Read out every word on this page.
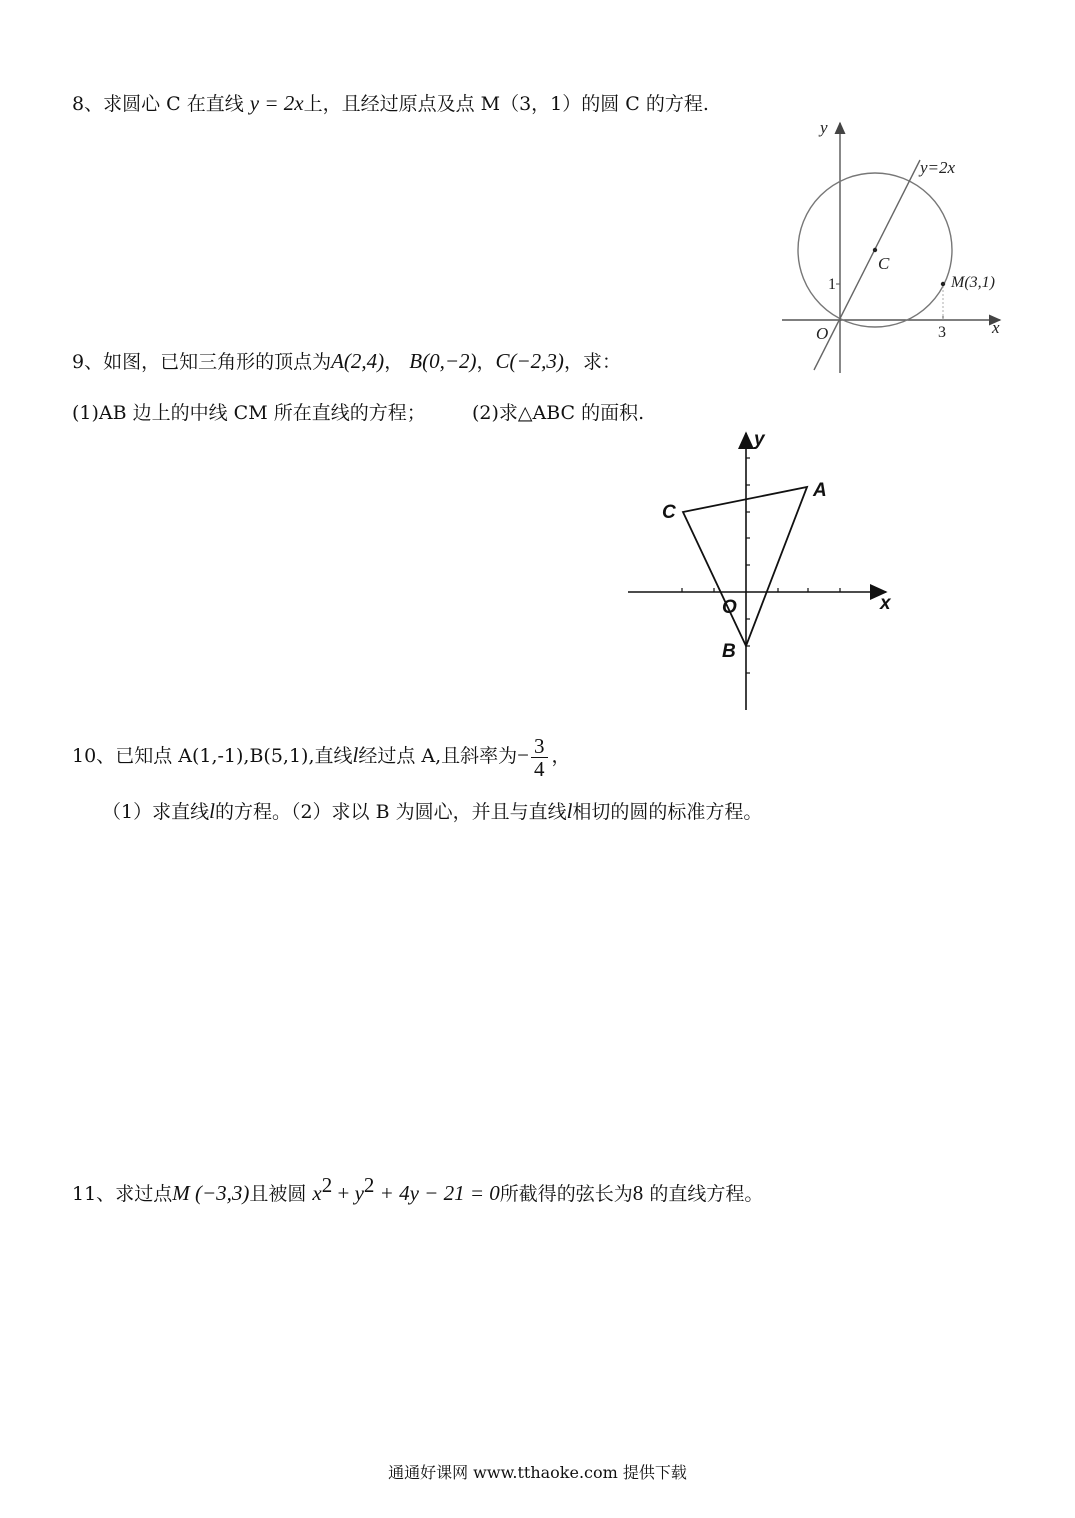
8、求圆心 C 在直线 y = 2x上，且经过原点及点 M（3，1）的圆 C 的方程.
y
x
y=2x
C
M(3,1)
1
3
O
9、如图，已知三角形的顶点为A(2,4)， B(0,−2)，C(−2,3)，求：
(1)AB 边上的中线 CM 所在直线的方程； (2)求△ABC 的面积.
y
x
A
C
B
O
10、已知点 A(1,-1),B(5,1),直线l经过点 A,且斜率为− $\frac{3}{4}$ ，
（1）求直线l的方程。（2）求以 B 为圆心，并且与直线l相切的圆的标准方程。
11、求过点M (−3,3)且被圆 $x^2 + y^2 + 4y - 21 = 0$所截得的弦长为8 的直线方程。
通通好课网 www.tthaoke.com 提供下载
